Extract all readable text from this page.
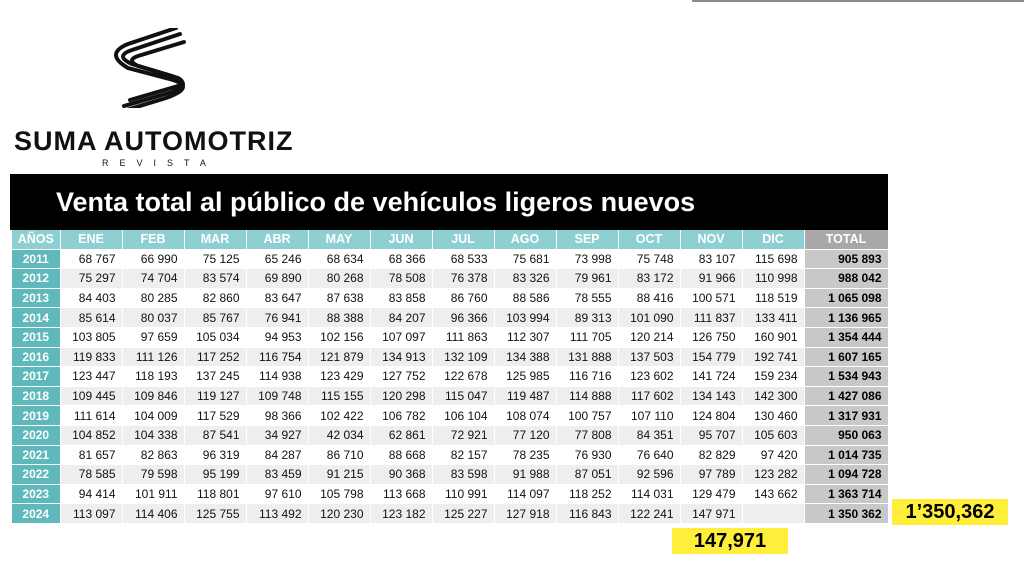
SUMA AUTOMOTRIZ
REVISTA
Venta total al público de vehículos ligeros nuevos
AÑOS	ENE	FEB	MAR	ABR	MAY	JUN	JUL	AGO	SEP	OCT	NOV	DIC	TOTAL
2011	68 767	66 990	75 125	65 246	68 634	68 366	68 533	75 681	73 998	75 748	83 107	115 698	905 893
2012	75 297	74 704	83 574	69 890	80 268	78 508	76 378	83 326	79 961	83 172	91 966	110 998	988 042
2013	84 403	80 285	82 860	83 647	87 638	83 858	86 760	88 586	78 555	88 416	100 571	118 519	1 065 098
2014	85 614	80 037	85 767	76 941	88 388	84 207	96 366	103 994	89 313	101 090	111 837	133 411	1 136 965
2015	103 805	97 659	105 034	94 953	102 156	107 097	111 863	112 307	111 705	120 214	126 750	160 901	1 354 444
2016	119 833	111 126	117 252	116 754	121 879	134 913	132 109	134 388	131 888	137 503	154 779	192 741	1 607 165
2017	123 447	118 193	137 245	114 938	123 429	127 752	122 678	125 985	116 716	123 602	141 724	159 234	1 534 943
2018	109 445	109 846	119 127	109 748	115 155	120 298	115 047	119 487	114 888	117 602	134 143	142 300	1 427 086
2019	111 614	104 009	117 529	98 366	102 422	106 782	106 104	108 074	100 757	107 110	124 804	130 460	1 317 931
2020	104 852	104 338	87 541	34 927	42 034	62 861	72 921	77 120	77 808	84 351	95 707	105 603	950 063
2021	81 657	82 863	96 319	84 287	86 710	88 668	82 157	78 235	76 930	76 640	82 829	97 420	1 014 735
2022	78 585	79 598	95 199	83 459	91 215	90 368	83 598	91 988	87 051	92 596	97 789	123 282	1 094 728
2023	94 414	101 911	118 801	97 610	105 798	113 668	110 991	114 097	118 252	114 031	129 479	143 662	1 363 714
2024	113 097	114 406	125 755	113 492	120 230	123 182	125 227	127 918	116 843	122 241	147 971		1 350 362	1’350,362
147,971
